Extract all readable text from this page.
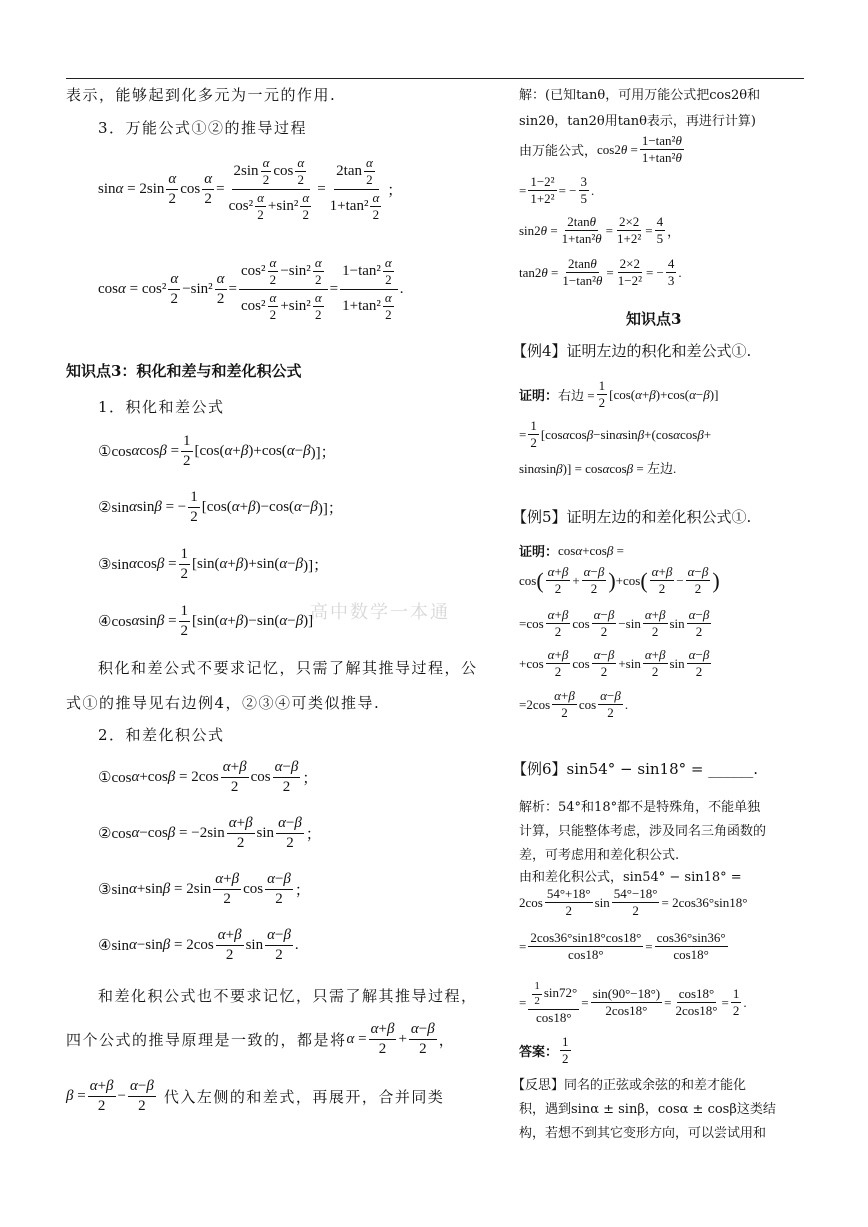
表示，能够起到化多元为一元的作用.
3．万能公式①②的推导过程
$\sin\alpha = 2\sin \frac{\alpha}{2}$ $\cos \frac{\alpha}{2} = \frac{2\sin \frac{\alpha}{2} \cos \frac{\alpha}{2}}{\cos^2 \frac{\alpha}{2} +\sin^2 \frac{\alpha}{2}} = \frac{2\tan \frac{\alpha}{2}}{1+\tan^2 \frac{\alpha}{2}}$ ；
$\cos\alpha = \cos^2 \frac{\alpha}{2} -\sin^2 \frac{\alpha}{2} = \frac{\cos^2 \frac{\alpha}{2} -\sin^2 \frac{\alpha}{2}}{\cos^2 \frac{\alpha}{2} +\sin^2 \frac{\alpha}{2}} = \frac{1-\tan^2 \frac{\alpha}{2}}{1+\tan^2 \frac{\alpha}{2}}$ .
知识点3：积化和差与和差化积公式
1．积化和差公式
①cos α $\cos \beta = \frac{1}{2} [\cos$( α + β )+cos( α − β )]；
②sin α sin β = − $\frac{1}{2} [\cos$( α + β )−cos( α − β )]；
③sin α $\cos \beta = \frac{1}{2} [\sin$( α + β )+sin( α − β )]；
④cos α $\sin \beta = \frac{1}{2} [\sin$( α + β )−sin( α − β )]
积化和差公式不要求记忆，只需了解其推导过程，公
式①的推导见右边例4，②③④可类似推导.
2．和差化积公式
①cos α +cos $\beta = 2\cos \frac{\alpha+\beta}{2}$ $\cos \frac{\alpha-\beta}{2}$ ；
②cos α −cos $\beta = -2\sin \frac{\alpha+\beta}{2}$ $\sin \frac{\alpha-\beta}{2}$ ；
③sin α +sin $\beta = 2\sin \frac{\alpha+\beta}{2}$ $\cos \frac{\alpha-\beta}{2}$ ；
④sin α −sin $\beta = 2\cos \frac{\alpha+\beta}{2}$ $\sin \frac{\alpha-\beta}{2}$ .
和差化积公式也不要求记忆，只需了解其推导过程，
四个公式的推导原理是一致的，都是将 $\alpha = \frac{\alpha+\beta}{2} + \frac{\alpha-\beta}{2}$ ，
$\beta = \frac{\alpha+\beta}{2} - \frac{\alpha-\beta}{2}$ 代入左侧的和差式，再展开，合并同类
解：(已知tanθ，可用万能公式把cos2θ和
sin2θ，tan2θ用tanθ表示，再进行计算)
由万能公式， cos2 $\theta = \frac{\text{1−tan²θ}}{\text{1+tan²θ}}$
= $\frac{\text{1−2²}}{\text{1+2²}}$ = − $\frac{3}{5}$ .
sin2 $\theta = \frac{2\tan\theta}{\text{1+tan²θ}} = \frac{2\times 2}{\text{1+2²}} = \frac{4}{5}$ ，
tan2 $\theta = \frac{2\tan\theta}{\text{1−tan²θ}} = \frac{2\times 2}{\text{1−2²}}$ = − $\frac{4}{3}$ .
知识点3
【例4】证明左边的积化和差公式①.
证明： 右边 = $\frac{1}{2} [\cos$( α + β )+cos( α − β )]
= $\frac{1}{2} [\cos$ α cos β −sin α sin β +(cos α cos β +
sinαsinβ)] = cosαcosβ = 左边.
【例5】证明左边的和差化积公式①.
证明： cosα+cosβ =
cos ( $\frac{\alpha+\beta}{2} + \frac{\alpha-\beta}{2}$ ) +cos ( $\frac{\alpha+\beta}{2} - \frac{\alpha-\beta}{2}$ )
$=\cos \frac{\alpha+\beta}{2}$ $\cos \frac{\alpha-\beta}{2} -\sin \frac{\alpha+\beta}{2}$ $\sin \frac{\alpha-\beta}{2}$
$+\cos \frac{\alpha+\beta}{2}$ $\cos \frac{\alpha-\beta}{2} +\sin \frac{\alpha+\beta}{2}$ $\sin \frac{\alpha-\beta}{2}$
$=2\cos \frac{\alpha+\beta}{2}$ $\cos \frac{\alpha-\beta}{2}$ .
【例6】sin54° − sin18° = ______.
解析：54°和18°都不是特殊角，不能单独
计算，只能整体考虑，涉及同名三角函数的
差，可考虑用和差化积公式.
由和差化积公式，sin54° − sin18° =
$2\cos \frac{54^\circ+18^\circ}{2}$ $\sin \frac{54^\circ-18^\circ}{2} = 2\cos 36^\circ\sin 18^\circ$
= $\frac{2\cos 36^\circ\sin 18^\circ\cos 18^\circ}{\cos 18^\circ} = \frac{\cos 36^\circ\sin 36^\circ}{\cos 18^\circ}$
= $\frac{\frac{1}{2} \sin 72^\circ}{\cos 18^\circ} = \frac{\sin(90^\circ-18^\circ)}{2\cos 18^\circ} = \frac{\cos 18^\circ}{2\cos 18^\circ} = \frac{1}{2}$ .
答案： $\frac{1}{2}$
【反思】同名的正弦或余弦的和差才能化
积，遇到sinα ± sinβ，cosα ± cosβ这类结
构，若想不到其它变形方向，可以尝试用和
高中数学一本通
